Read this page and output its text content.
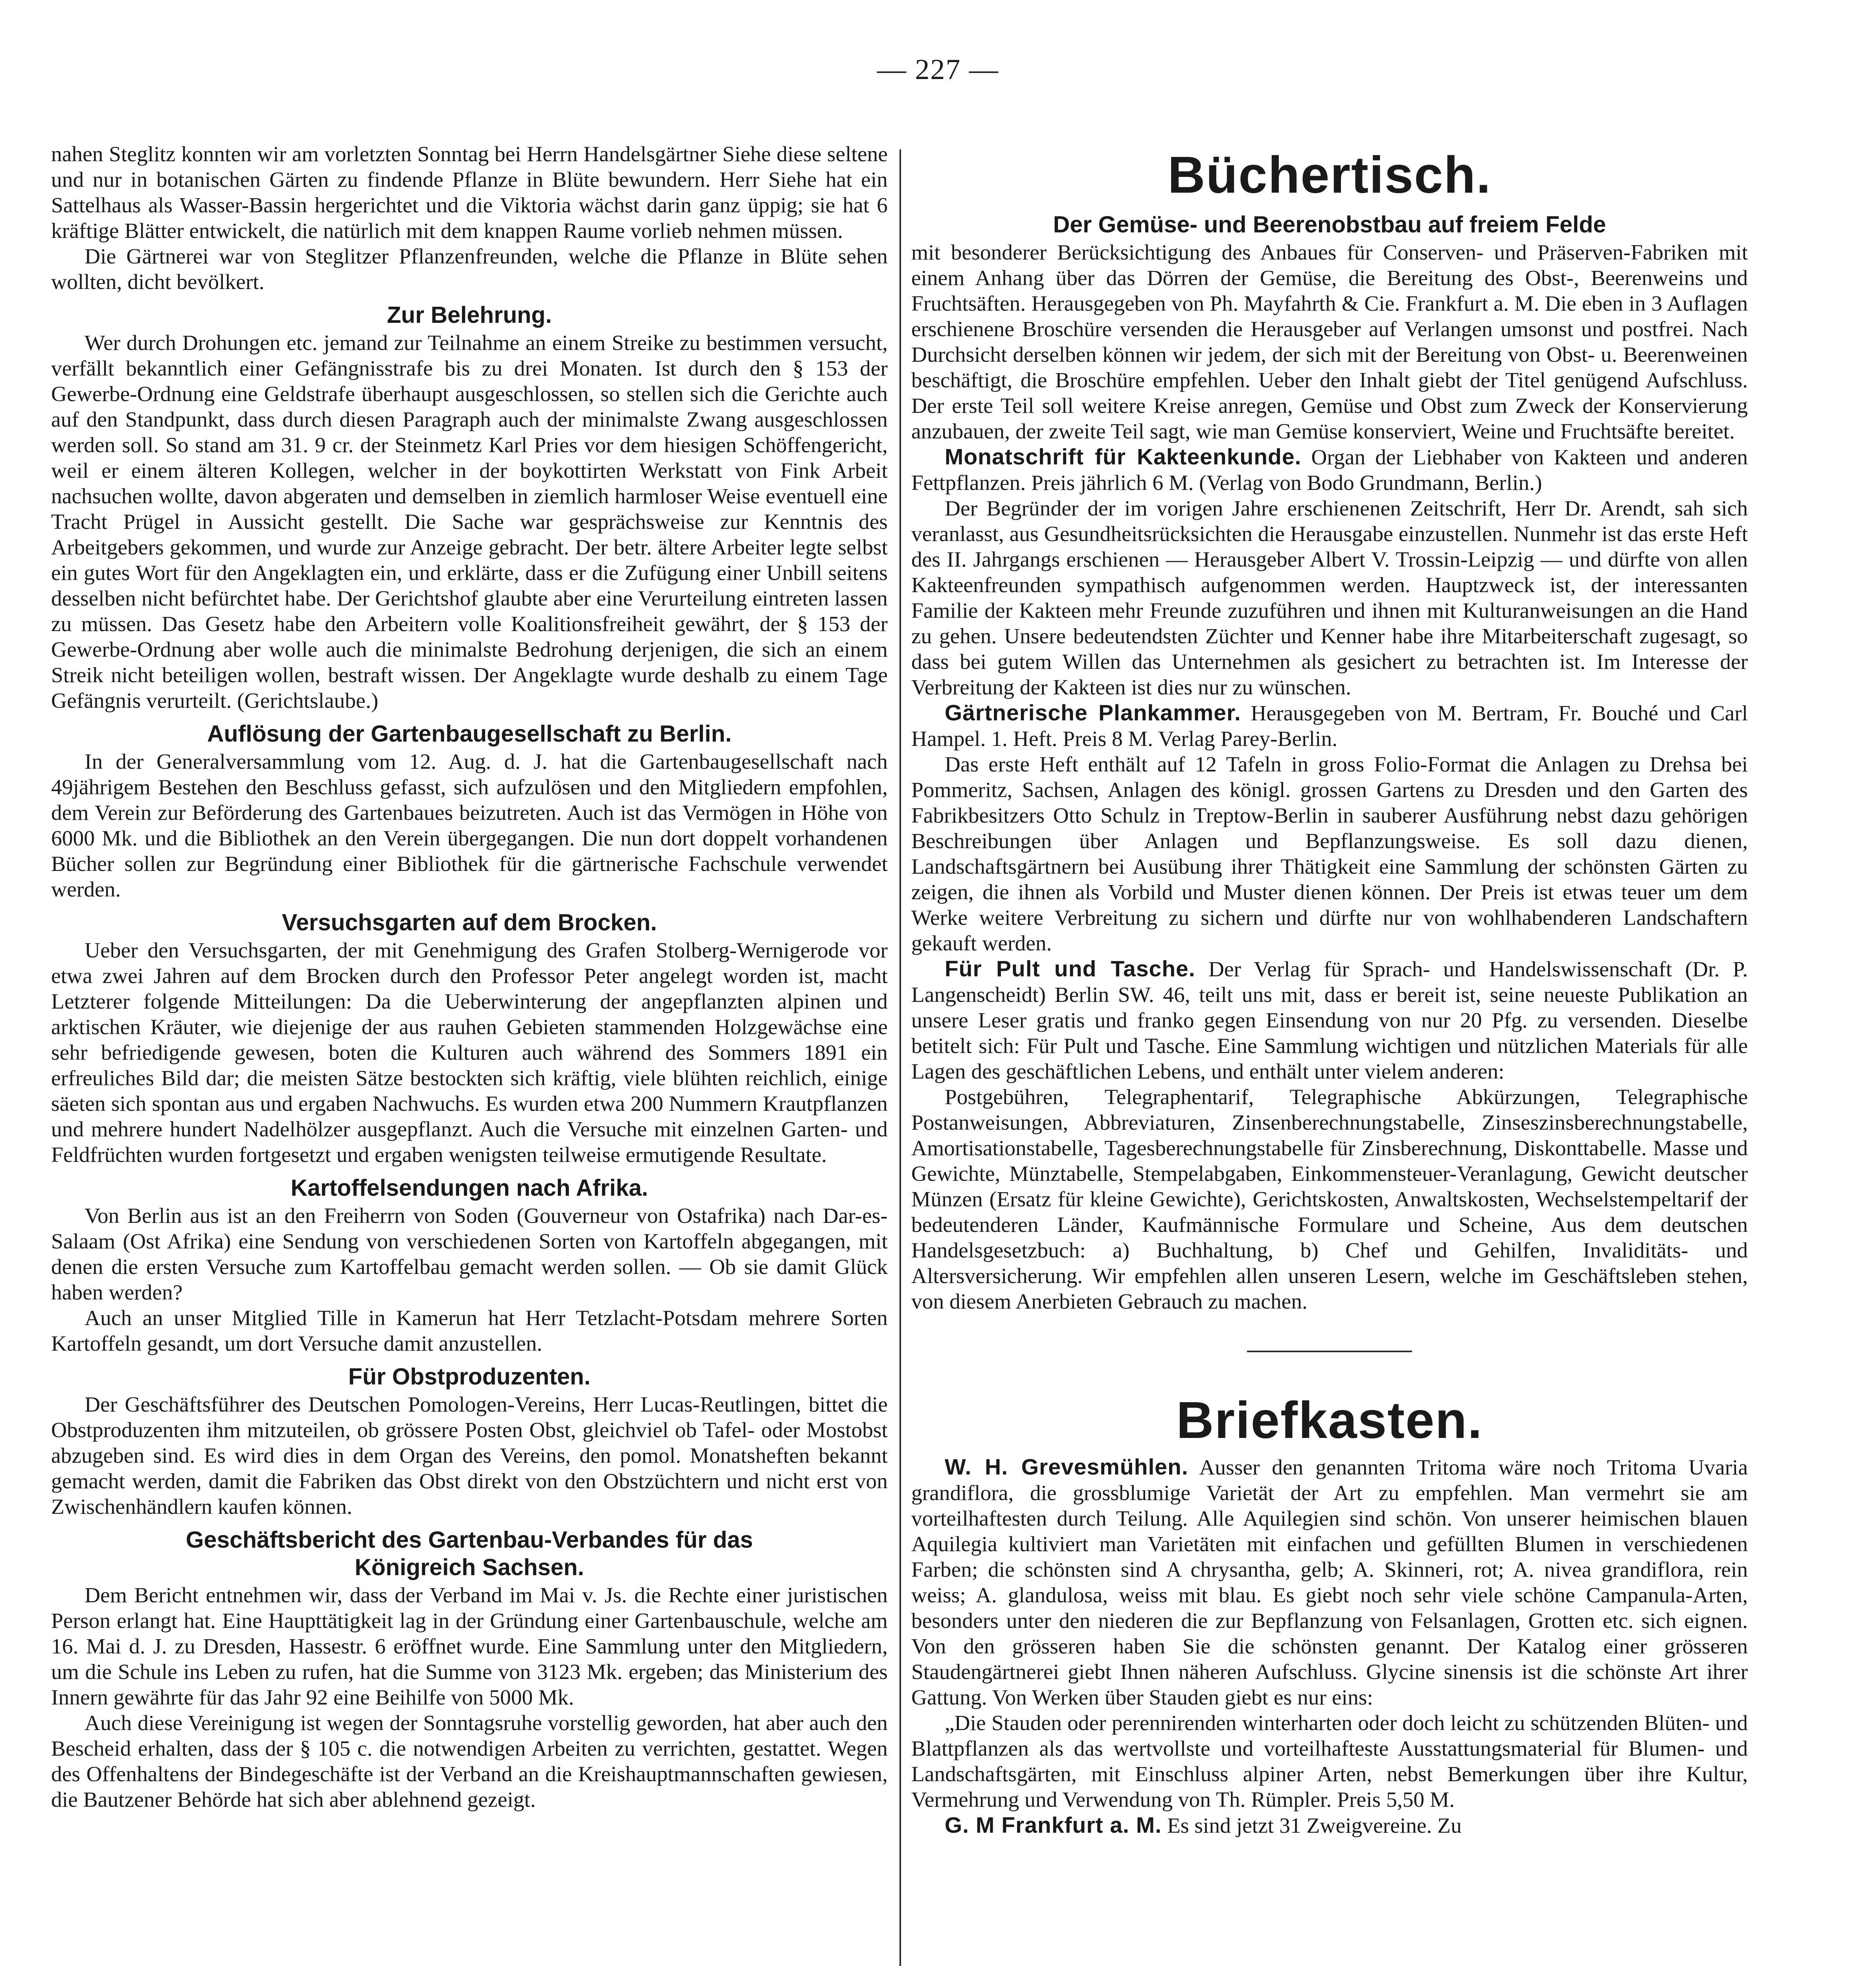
— 227 —

nahen Steglitz konnten wir am vorletzten Sonntag bei Herrn Handelsgärtner Siehe diese seltene und nur in botanischen Gärten zu findende Pflanze in Blüte bewundern. Herr Siehe hat ein Sattelhaus als Wasser-Bassin hergerichtet und die Viktoria wächst darin ganz üppig; sie hat 6 kräftige Blätter entwickelt, die natürlich mit dem knappen Raume vorlieb nehmen müssen.

Die Gärtnerei war von Steglitzer Pflanzenfreunden, welche die Pflanze in Blüte sehen wollten, dicht bevölkert.

Zur Belehrung.

Wer durch Drohungen etc. jemand zur Teilnahme an einem Streike zu bestimmen versucht, verfällt bekanntlich einer Gefängnisstrafe bis zu drei Monaten. Ist durch den § 153 der Gewerbe-Ordnung eine Geldstrafe überhaupt ausgeschlossen, so stellen sich die Gerichte auch auf den Standpunkt, dass durch diesen Paragraph auch der minimalste Zwang ausgeschlossen werden soll. So stand am 31. 9 cr. der Steinmetz Karl Pries vor dem hiesigen Schöffengericht, weil er einem älteren Kollegen, welcher in der boykottirten Werkstatt von Fink Arbeit nachsuchen wollte, davon abgeraten und demselben in ziemlich harmloser Weise eventuell eine Tracht Prügel in Aussicht gestellt. Die Sache war gesprächsweise zur Kenntnis des Arbeitgebers gekommen, und wurde zur Anzeige gebracht. Der betr. ältere Arbeiter legte selbst ein gutes Wort für den Angeklagten ein, und erklärte, dass er die Zufügung einer Unbill seitens desselben nicht befürchtet habe. Der Gerichtshof glaubte aber eine Verurteilung eintreten lassen zu müssen. Das Gesetz habe den Arbeitern volle Koalitionsfreiheit gewährt, der § 153 der Gewerbe-Ordnung aber wolle auch die minimalste Bedrohung derjenigen, die sich an einem Streik nicht beteiligen wollen, bestraft wissen. Der Angeklagte wurde deshalb zu einem Tage Gefängnis verurteilt. (Gerichtslaube.)

Auflösung der Gartenbaugesellschaft zu Berlin.

In der Generalversammlung vom 12. Aug. d. J. hat die Gartenbaugesellschaft nach 49jährigem Bestehen den Beschluss gefasst, sich aufzulösen und den Mitgliedern empfohlen, dem Verein zur Beförderung des Gartenbaues beizutreten. Auch ist das Vermögen in Höhe von 6000 Mk. und die Bibliothek an den Verein übergegangen. Die nun dort doppelt vorhandenen Bücher sollen zur Begründung einer Bibliothek für die gärtnerische Fachschule verwendet werden.

Versuchsgarten auf dem Brocken.

Ueber den Versuchsgarten, der mit Genehmigung des Grafen Stolberg-Wernigerode vor etwa zwei Jahren auf dem Brocken durch den Professor Peter angelegt worden ist, macht Letzterer folgende Mitteilungen: Da die Ueberwinterung der angepflanzten alpinen und arktischen Kräuter, wie diejenige der aus rauhen Gebieten stammenden Holzgewächse eine sehr befriedigende gewesen, boten die Kulturen auch während des Sommers 1891 ein erfreuliches Bild dar; die meisten Sätze bestockten sich kräftig, viele blühten reichlich, einige säeten sich spontan aus und ergaben Nachwuchs. Es wurden etwa 200 Nummern Krautpflanzen und mehrere hundert Nadelhölzer ausgepflanzt. Auch die Versuche mit einzelnen Garten- und Feldfrüchten wurden fortgesetzt und ergaben wenigsten teilweise ermutigende Resultate.

Kartoffelsendungen nach Afrika.

Von Berlin aus ist an den Freiherrn von Soden (Gouverneur von Ostafrika) nach Dar-es-Salaam (Ost Afrika) eine Sendung von verschiedenen Sorten von Kartoffeln abgegangen, mit denen die ersten Versuche zum Kartoffelbau gemacht werden sollen. — Ob sie damit Glück haben werden?

Auch an unser Mitglied Tille in Kamerun hat Herr Tetzlacht-Potsdam mehrere Sorten Kartoffeln gesandt, um dort Versuche damit anzustellen.

Für Obstproduzenten.

Der Geschäftsführer des Deutschen Pomologen-Vereins, Herr Lucas-Reutlingen, bittet die Obstproduzenten ihm mitzuteilen, ob grössere Posten Obst, gleichviel ob Tafel- oder Mostobst abzugeben sind. Es wird dies in dem Organ des Vereins, den pomol. Monatsheften bekannt gemacht werden, damit die Fabriken das Obst direkt von den Obstzüchtern und nicht erst von Zwischenhändlern kaufen können.

Geschäftsbericht des Gartenbau-Verbandes für das
Königreich Sachsen.

Dem Bericht entnehmen wir, dass der Verband im Mai v. Js. die Rechte einer juristischen Person erlangt hat. Eine Haupttätigkeit lag in der Gründung einer Gartenbauschule, welche am 16. Mai d. J. zu Dresden, Hassestr. 6 eröffnet wurde. Eine Sammlung unter den Mitgliedern, um die Schule ins Leben zu rufen, hat die Summe von 3123 Mk. ergeben; das Ministerium des Innern gewährte für das Jahr 92 eine Beihilfe von 5000 Mk.

Auch diese Vereinigung ist wegen der Sonntagsruhe vorstellig geworden, hat aber auch den Bescheid erhalten, dass der § 105 c. die notwendigen Arbeiten zu verrichten, gestattet. Wegen des Offenhaltens der Bindegeschäfte ist der Verband an die Kreishauptmannschaften gewiesen, die Bautzener Behörde hat sich aber ablehnend gezeigt.

Büchertisch.
Der Gemüse- und Beerenobstbau auf freiem Felde

mit besonderer Berücksichtigung des Anbaues für Conserven- und Präserven-Fabriken mit einem Anhang über das Dörren der Gemüse, die Bereitung des Obst-, Beerenweins und Fruchtsäften. Herausgegeben von Ph. Mayfahrth & Cie. Frankfurt a. M. Die eben in 3 Auflagen erschienene Broschüre versenden die Herausgeber auf Verlangen umsonst und postfrei. Nach Durchsicht derselben können wir jedem, der sich mit der Bereitung von Obst- u. Beerenweinen beschäftigt, die Broschüre empfehlen. Ueber den Inhalt giebt der Titel genügend Aufschluss. Der erste Teil soll weitere Kreise anregen, Gemüse und Obst zum Zweck der Konservierung anzubauen, der zweite Teil sagt, wie man Gemüse konserviert, Weine und Fruchtsäfte bereitet.

Monatschrift für Kakteenkunde. Organ der Liebhaber von Kakteen und anderen Fettpflanzen. Preis jährlich 6 M. (Verlag von Bodo Grundmann, Berlin.)

Der Begründer der im vorigen Jahre erschienenen Zeitschrift, Herr Dr. Arendt, sah sich veranlasst, aus Gesundheitsrücksichten die Herausgabe einzustellen. Nunmehr ist das erste Heft des II. Jahrgangs erschienen — Herausgeber Albert V. Trossin-Leipzig — und dürfte von allen Kakteenfreunden sympathisch aufgenommen werden. Hauptzweck ist, der interessanten Familie der Kakteen mehr Freunde zuzuführen und ihnen mit Kulturanweisungen an die Hand zu gehen. Unsere bedeutendsten Züchter und Kenner habe ihre Mitarbeiterschaft zugesagt, so dass bei gutem Willen das Unternehmen als gesichert zu betrachten ist. Im Interesse der Verbreitung der Kakteen ist dies nur zu wünschen.

Gärtnerische Plankammer. Herausgegeben von M. Bertram, Fr. Bouché und Carl Hampel. 1. Heft. Preis 8 M. Verlag Parey-Berlin.

Das erste Heft enthält auf 12 Tafeln in gross Folio-Format die Anlagen zu Drehsa bei Pommeritz, Sachsen, Anlagen des königl. grossen Gartens zu Dresden und den Garten des Fabrikbesitzers Otto Schulz in Treptow-Berlin in sauberer Ausführung nebst dazu gehörigen Beschreibungen über Anlagen und Bepflanzungsweise. Es soll dazu dienen, Landschaftsgärtnern bei Ausübung ihrer Thätigkeit eine Sammlung der schönsten Gärten zu zeigen, die ihnen als Vorbild und Muster dienen können. Der Preis ist etwas teuer um dem Werke weitere Verbreitung zu sichern und dürfte nur von wohlhabenderen Landschaftern gekauft werden.

Für Pult und Tasche. Der Verlag für Sprach- und Handelswissenschaft (Dr. P. Langenscheidt) Berlin SW. 46, teilt uns mit, dass er bereit ist, seine neueste Publikation an unsere Leser gratis und franko gegen Einsendung von nur 20 Pfg. zu versenden. Dieselbe betitelt sich: Für Pult und Tasche. Eine Sammlung wichtigen und nützlichen Materials für alle Lagen des geschäftlichen Lebens, und enthält unter vielem anderen:

Postgebühren, Telegraphentarif, Telegraphische Abkürzungen, Telegraphische Postanweisungen, Abbreviaturen, Zinsenberechnungstabelle, Zinseszinsberechnungstabelle, Amortisationstabelle, Tagesberechnungstabelle für Zinsberechnung, Diskonttabelle. Masse und Gewichte, Münztabelle, Stempelabgaben, Einkommensteuer-Veranlagung, Gewicht deutscher Münzen (Ersatz für kleine Gewichte), Gerichtskosten, Anwaltskosten, Wechselstempeltarif der bedeutenderen Länder, Kaufmännische Formulare und Scheine, Aus dem deutschen Handelsgesetzbuch: a) Buchhaltung, b) Chef und Gehilfen, Invaliditäts- und Altersversicherung. Wir empfehlen allen unseren Lesern, welche im Geschäftsleben stehen, von diesem Anerbieten Gebrauch zu machen.

Briefkasten.

W. H. Grevesmühlen. Ausser den genannten Tritoma wäre noch Tritoma Uvaria grandiflora, die grossblumige Varietät der Art zu empfehlen. Man vermehrt sie am vorteilhaftesten durch Teilung. Alle Aquilegien sind schön. Von unserer heimischen blauen Aquilegia kultiviert man Varietäten mit einfachen und gefüllten Blumen in verschiedenen Farben; die schönsten sind A chrysantha, gelb; A. Skinneri, rot; A. nivea grandiflora, rein weiss; A. glandulosa, weiss mit blau. Es giebt noch sehr viele schöne Campanula-Arten, besonders unter den niederen die zur Bepflanzung von Felsanlagen, Grotten etc. sich eignen. Von den grösseren haben Sie die schönsten genannt. Der Katalog einer grösseren Staudengärtnerei giebt Ihnen näheren Aufschluss. Glycine sinensis ist die schönste Art ihrer Gattung. Von Werken über Stauden giebt es nur eins:

„Die Stauden oder perennirenden winterharten oder doch leicht zu schützenden Blüten- und Blattpflanzen als das wertvollste und vorteilhafteste Ausstattungsmaterial für Blumen- und Landschaftsgärten, mit Einschluss alpiner Arten, nebst Bemerkungen über ihre Kultur, Vermehrung und Verwendung von Th. Rümpler. Preis 5,50 M.

G. M Frankfurt a. M. Es sind jetzt 31 Zweigvereine. Zu
